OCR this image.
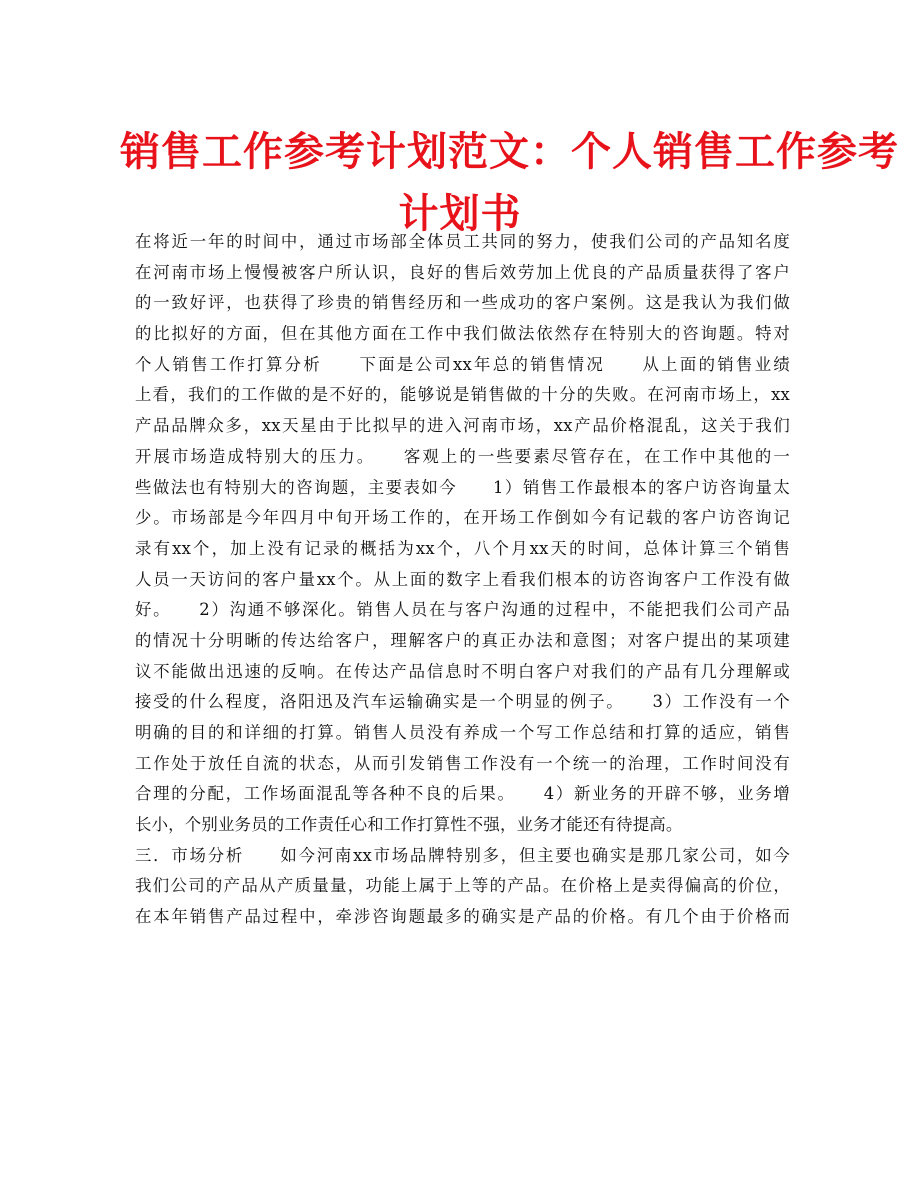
销售工作参考计划范文：个人销售工作参考
计划书
在将近一年的时间中，通过市场部全体员工共同的努力，使我们公司的产品知名度
在河南市场上慢慢被客户所认识，良好的售后效劳加上优良的产品质量获得了客户
的一致好评，也获得了珍贵的销售经历和一些成功的客户案例。这是我认为我们做
的比拟好的方面，但在其他方面在工作中我们做法依然存在特别大的咨询题。特对
个人销售工作打算分析　　下面是公司xx年总的销售情况　　从上面的销售业绩
上看，我们的工作做的是不好的，能够说是销售做的十分的失败。在河南市场上，xx
产品品牌众多，xx天星由于比拟早的进入河南市场，xx产品价格混乱，这关于我们
开展市场造成特别大的压力。　　客观上的一些要素尽管存在，在工作中其他的一
些做法也有特别大的咨询题，主要表如今　　1）销售工作最根本的客户访咨询量太
少。市场部是今年四月中旬开场工作的，在开场工作倒如今有记载的客户访咨询记
录有xx个，加上没有记录的概括为xx个，八个月xx天的时间，总体计算三个销售
人员一天访问的客户量xx个。从上面的数字上看我们根本的访咨询客户工作没有做
好。　　2）沟通不够深化。销售人员在与客户沟通的过程中，不能把我们公司产品
的情况十分明晰的传达给客户，理解客户的真正办法和意图；对客户提出的某项建
议不能做出迅速的反响。在传达产品信息时不明白客户对我们的产品有几分理解或
接受的什么程度，洛阳迅及汽车运输确实是一个明显的例子。　　3）工作没有一个
明确的目的和详细的打算。销售人员没有养成一个写工作总结和打算的适应，销售
工作处于放任自流的状态，从而引发销售工作没有一个统一的治理，工作时间没有
合理的分配，工作场面混乱等各种不良的后果。　　4）新业务的开辟不够，业务增
长小，个别业务员的工作责任心和工作打算性不强，业务才能还有待提高。
三．市场分析　　如今河南xx市场品牌特别多，但主要也确实是那几家公司，如今
我们公司的产品从产质量量，功能上属于上等的产品。在价格上是卖得偏高的价位，
在本年销售产品过程中，牵涉咨询题最多的确实是产品的价格。有几个由于价格而
